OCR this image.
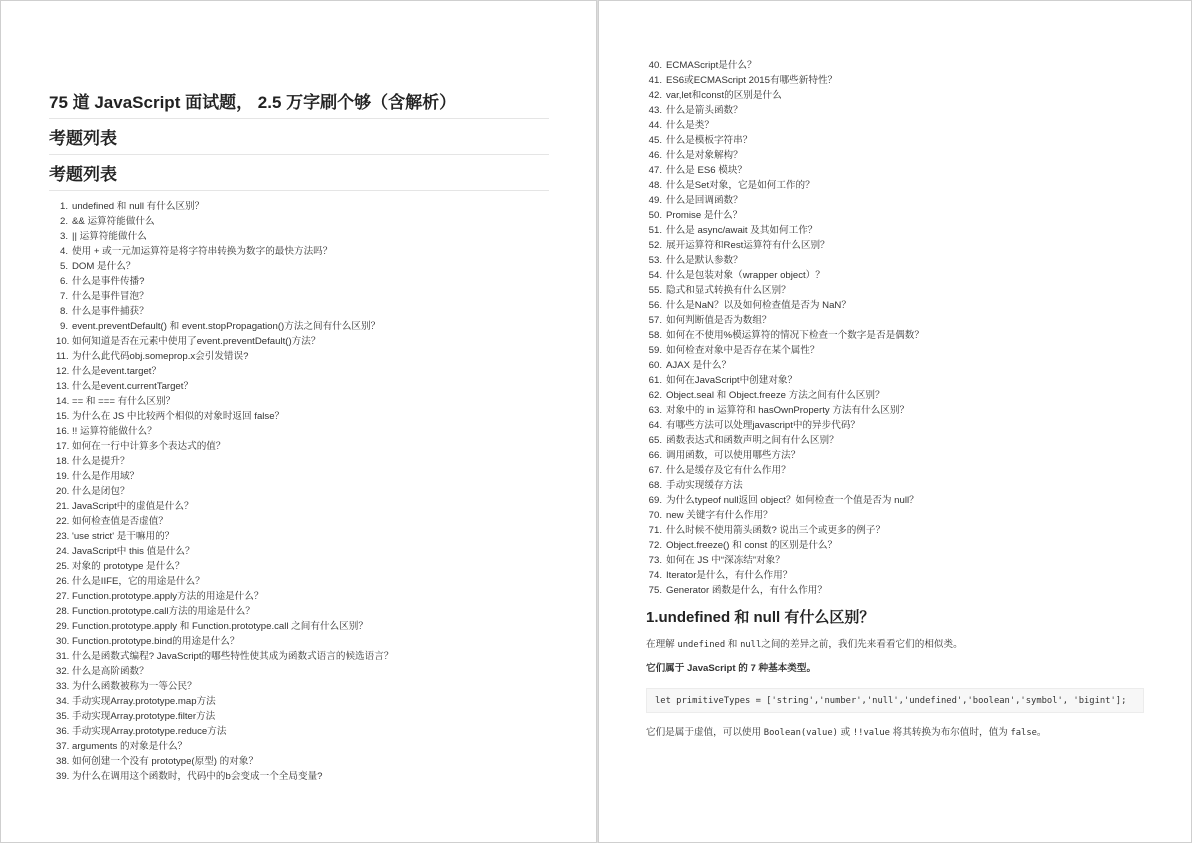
75 道 JavaScript 面试题， 2.5 万字刷个够（含解析）
考题列表
考题列表
1. undefined 和 null 有什么区别？
2. && 运算符能做什么
3. || 运算符能做什么
4. 使用 + 或一元加运算符是将字符串转换为数字的最快方法吗？
5. DOM 是什么？
6. 什么是事件传播?
7. 什么是事件冒泡？
8. 什么是事件捕获？
9. event.preventDefault() 和 event.stopPropagation()方法之间有什么区别？
10. 如何知道是否在元素中使用了event.preventDefault()方法？
11. 为什么此代码obj.someprop.x会引发错误?
12. 什么是event.target？
13. 什么是event.currentTarget？
14. == 和 === 有什么区别？
15. 为什么在 JS 中比较两个相似的对象时返回 false？
16. !! 运算符能做什么？
17. 如何在一行中计算多个表达式的值？
18. 什么是提升？
19. 什么是作用域？
20. 什么是闭包？
21. JavaScript中的虚值是什么？
22. 如何检查值是否虚值？
23. 'use strict' 是干嘛用的？
24. JavaScript中 this 值是什么？
25. 对象的 prototype 是什么？
26. 什么是IIFE，它的用途是什么？
27. Function.prototype.apply方法的用途是什么？
28. Function.prototype.call方法的用途是什么？
29. Function.prototype.apply 和 Function.prototype.call 之间有什么区别？
30. Function.prototype.bind的用途是什么？
31. 什么是函数式编程? JavaScript的哪些特性使其成为函数式语言的候选语言？
32. 什么是高阶函数？
33. 为什么函数被称为一等公民？
34. 手动实现Array.prototype.map方法
35. 手动实现Array.prototype.filter方法
36. 手动实现Array.prototype.reduce方法
37. arguments 的对象是什么？
38. 如何创建一个没有 prototype(原型) 的对象？
39. 为什么在调用这个函数时，代码中的b会变成一个全局变量?
40. ECMAScript是什么？
41. ES6或ECMAScript 2015有哪些新特性？
42. var,let和const的区别是什么
43. 什么是箭头函数？
44. 什么是类？
45. 什么是模板字符串？
46. 什么是对象解构？
47. 什么是 ES6 模块？
48. 什么是Set对象，它是如何工作的？
49. 什么是回调函数？
50. Promise 是什么？
51. 什么是 async/await 及其如何工作？
52. 展开运算符和Rest运算符有什么区别？
53. 什么是默认参数？
54. 什么是包装对象（wrapper object）？
55. 隐式和显式转换有什么区别？
56. 什么是NaN？以及如何检查值是否为 NaN？
57. 如何判断值是否为数组？
58. 如何在不使用%模运算符的情况下检查一个数字是否是偶数？
59. 如何检查对象中是否存在某个属性？
60. AJAX 是什么？
61. 如何在JavaScript中创建对象？
62. Object.seal 和 Object.freeze 方法之间有什么区别？
63. 对象中的 in 运算符和 hasOwnProperty 方法有什么区别？
64. 有哪些方法可以处理javascript中的异步代码？
65. 函数表达式和函数声明之间有什么区别？
66. 调用函数，可以使用哪些方法？
67. 什么是缓存及它有什么作用？
68. 手动实现缓存方法
69. 为什么typeof null返回 object？如何检查一个值是否为 null？
70. new 关键字有什么作用？
71. 什么时候不使用箭头函数? 说出三个或更多的例子？
72. Object.freeze() 和 const 的区别是什么？
73. 如何在 JS 中“深冻结”对象？
74. Iterator是什么，有什么作用？
75. Generator 函数是什么，有什么作用？
1.undefined 和 null 有什么区别？
在理解 undefined 和 null之间的差异之前，我们先来看看它们的相似类。
它们属于 JavaScript 的 7 种基本类型。
let primitiveTypes = ['string','number','null','undefined','boolean','symbol', 'bigint'];
它们是属于虚值，可以使用 Boolean(value) 或 !!value 将其转换为布尔值时，值为 false。
